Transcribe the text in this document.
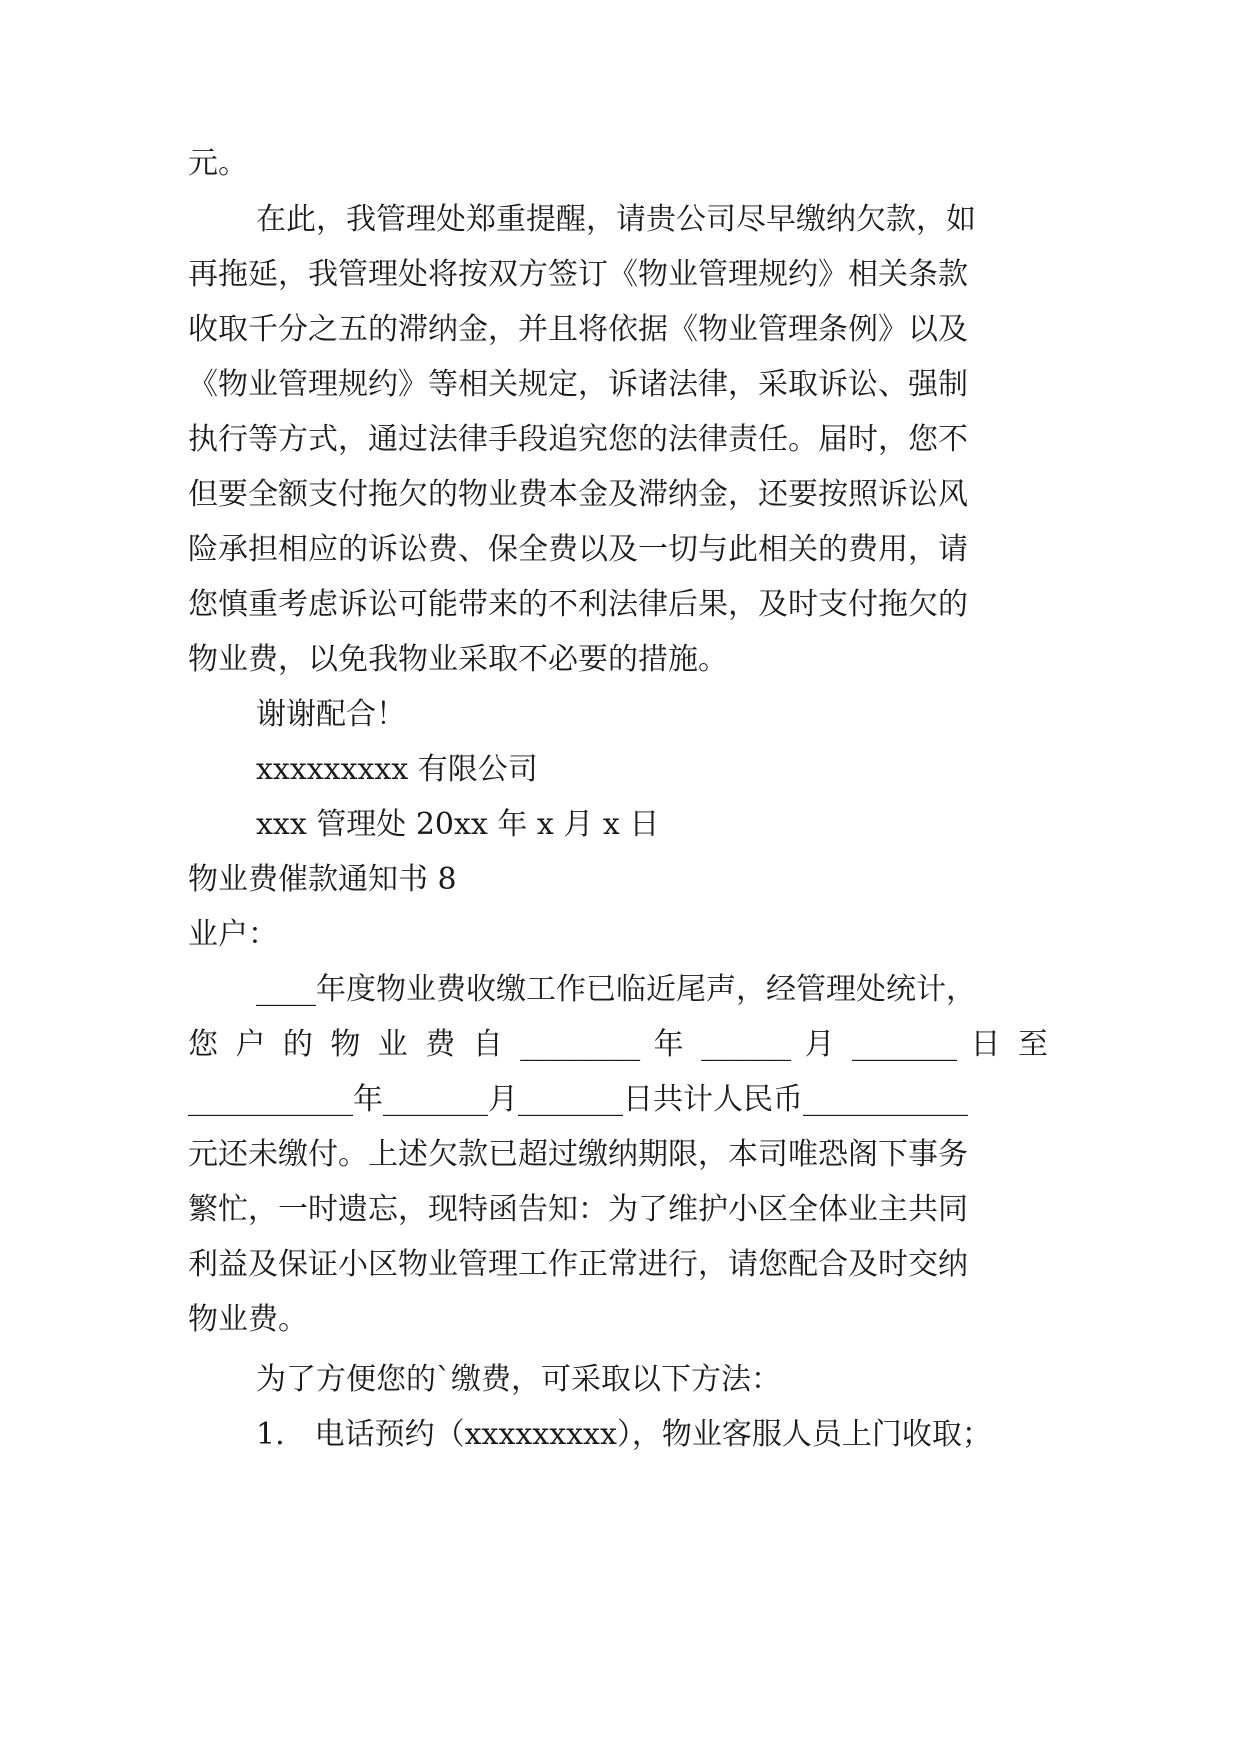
元。
在此，我管理处郑重提醒，请贵公司尽早缴纳欠款，如
再拖延，我管理处将按双方签订《物业管理规约》相关条款
收取千分之五的滞纳金，并且将依据《物业管理条例》以及
《物业管理规约》等相关规定，诉诸法律，采取诉讼、强制
执行等方式，通过法律手段追究您的法律责任。届时，您不
但要全额支付拖欠的物业费本金及滞纳金，还要按照诉讼风
险承担相应的诉讼费、保全费以及一切与此相关的费用，请
您慎重考虑诉讼可能带来的不利法律后果，及时支付拖欠的
物业费，以免我物业采取不必要的措施。
谢谢配合！
xxxxxxxxx 有限公司
xxx 管理处 20xx 年 x 月 x 日
物业费催款通知书 8
业户：
____年度物业费收缴工作已临近尾声，经管理处统计，
您 户 的 物 业 费 自 ________ 年 ______ 月 _______ 日 至
___________年_______月_______日共计人民币___________
元还未缴付。上述欠款已超过缴纳期限，本司唯恐阁下事务
繁忙，一时遗忘，现特函告知：为了维护小区全体业主共同
利益及保证小区物业管理工作正常进行，请您配合及时交纳
物业费。
为了方便您的`缴费，可采取以下方法：
1.　电话预约（xxxxxxxxx），物业客服人员上门收取；
